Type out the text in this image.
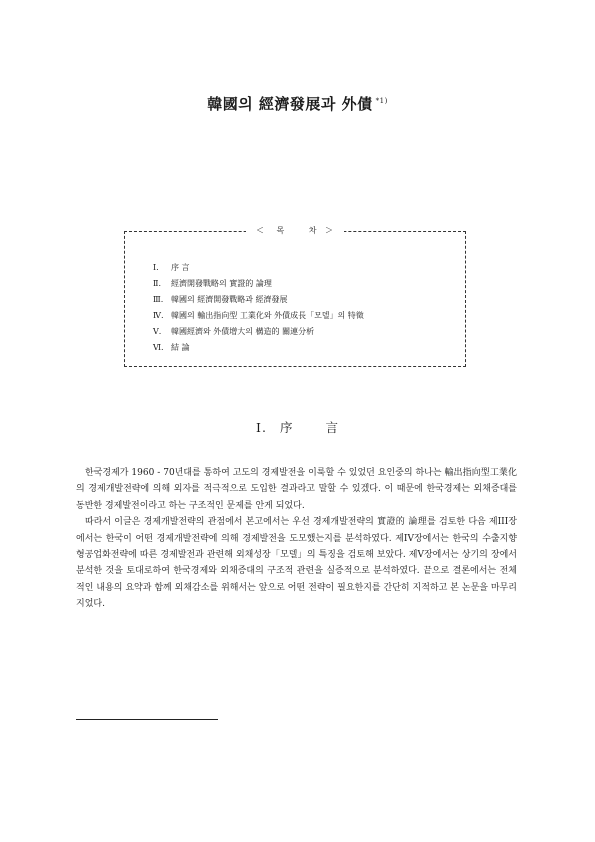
韓國의 經濟發展과 外債 $^{*1)}$
＜ 목	차 ＞
Ⅰ. 序 言
Ⅱ. 經濟開發戰略의 實證的 論理
Ⅲ. 韓國의 經濟開發戰略과 經濟發展
Ⅳ. 韓國의 輸出指向型 工業化와 外債成長「모델」의 特徵
Ⅴ. 韓國經濟와 外債增大의 構造的 關連分析
Ⅵ. 結 論
Ⅰ. 序	言

한국경제가 1960 - 70년대를 통하여 고도의 경제발전을 이룩할 수 있었던 요인중의 하나는 輸出指向型工業化의 경제개발전략에 의해 외자를 적극적으로 도입한 결과라고 말할 수 있겠다. 이 때문에 한국경제는 외채증대를 동반한 경제발전이라고 하는 구조적인 문제를 안게 되었다.

따라서 이글은 경제개발전략의 관점에서 본고에서는 우선 경제개발전략의 實證的 論理를 검토한 다음 제III장에서는 한국이 어떤 경제개발전략에 의해 경제발전을 도모했는지를 분석하였다. 제IV장에서는 한국의 수출지향형공업화전략에 따른 경제발전과 관련해 외채성장「모델」의 특징을 검토해 보았다. 제V장에서는 상기의 장에서 분석한 것을 토대로하여 한국경제와 외채증대의 구조적 관련을 실증적으로 분석하였다. 끝으로 결론에서는 전체적인 내용의 요약과 함께 외채감소를 위해서는 앞으로 어떤 전략이 필요한지를 간단히 지적하고 본 논문을 마무리지었다.
